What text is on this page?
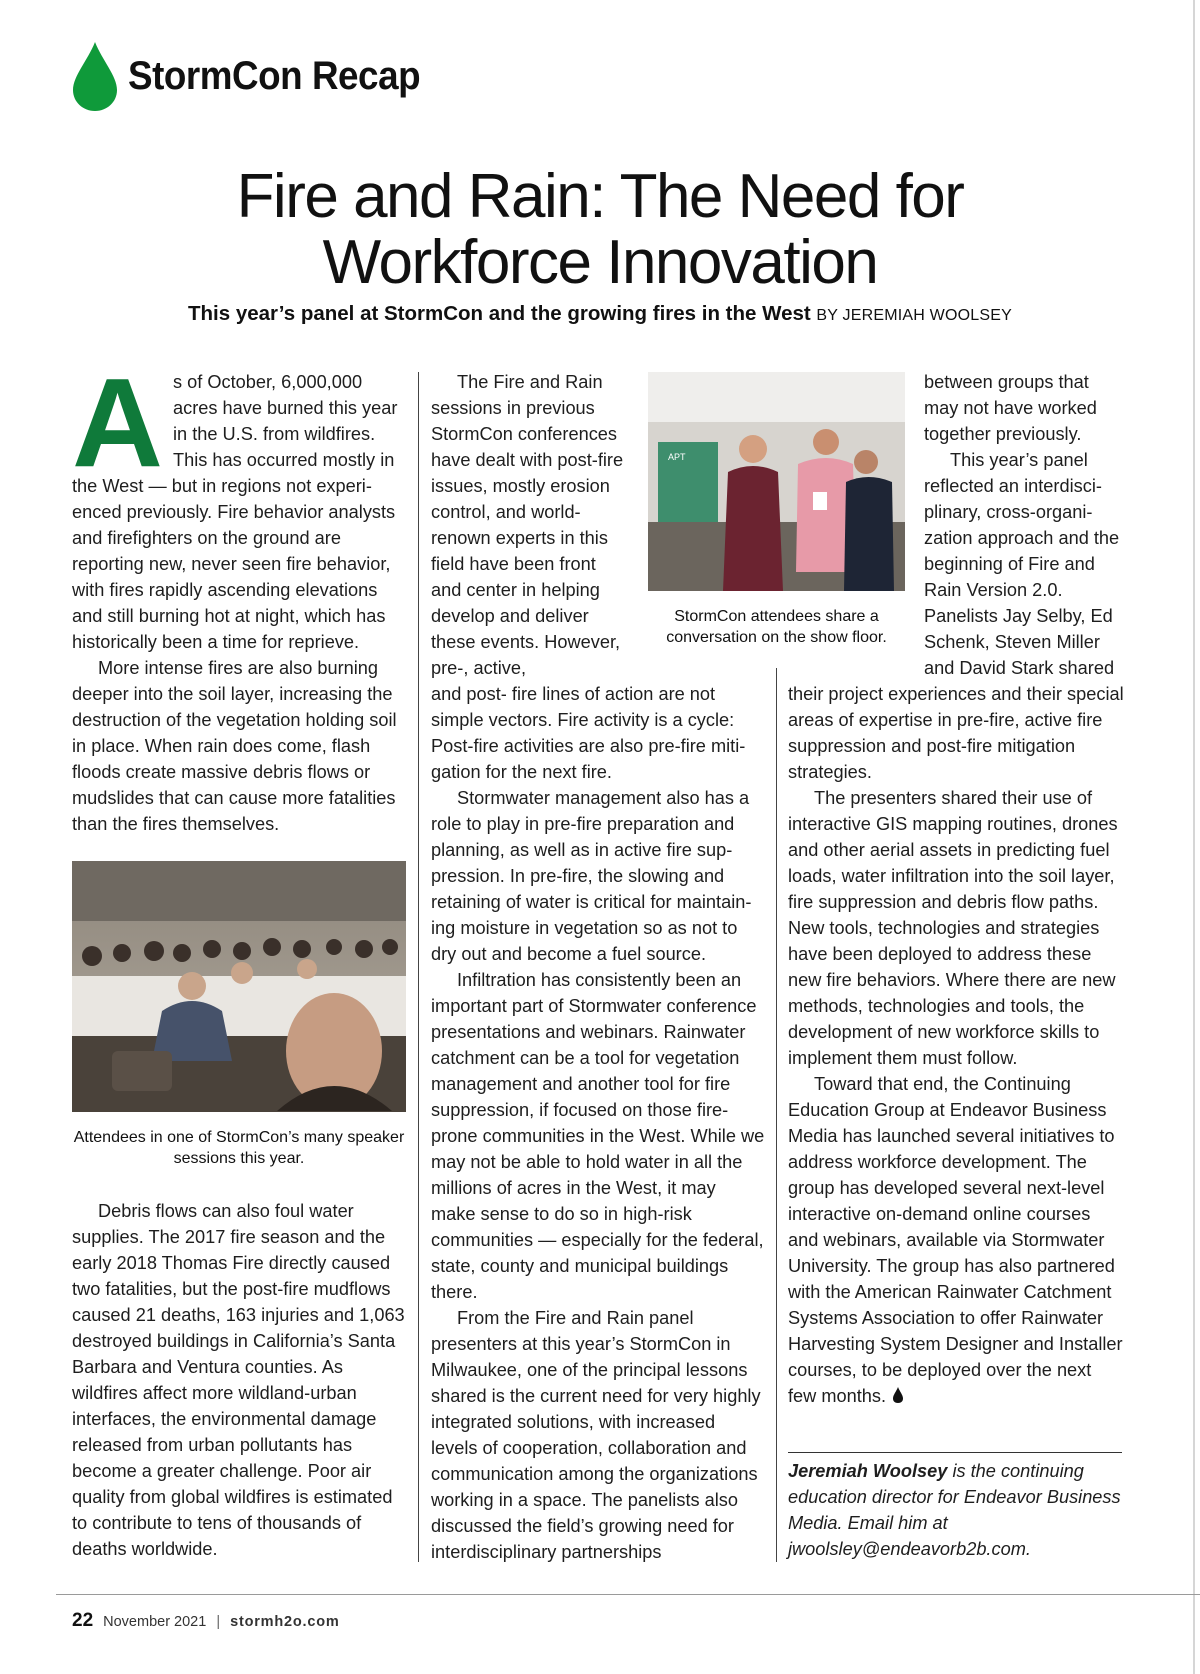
StormCon Recap
Fire and Rain: The Need for
Workforce Innovation
This year’s panel at StormCon and the growing fires in the West BY JEREMIAH WOOLSEY

As of October, 6,000,000 acres have burned this year in the U.S. from wildfires. This has occurred mostly in the West — but in regions not experienced previously. Fire behavior analysts and firefighters on the ground are reporting new, never seen fire behavior, with fires rapidly ascending elevations and still burning hot at night, which has historically been a time for reprieve.

More intense fires are also burning deeper into the soil layer, increasing the destruction of the vegetation holding soil in place. When rain does come, flash floods create massive debris flows or mudslides that can cause more fatalities than the fires themselves.

Attendees in one of StormCon’s many speaker sessions this year.

Debris flows can also foul water supplies. The 2017 fire season and the early 2018 Thomas Fire directly caused two fatalities, but the post-fire mudflows caused 21 deaths, 163 injuries and 1,063 destroyed buildings in California’s Santa Barbara and Ventura counties. As wildfires affect more wildland-urban interfaces, the environmental damage released from urban pollutants has become a greater challenge. Poor air quality from global wildfires is estimated to contribute to tens of thousands of deaths worldwide.

The Fire and Rain sessions in previous StormCon conferences have dealt with post-fire issues, mostly erosion control, and world-renown experts in this field have been front and center in helping develop and deliver these events. However, pre-, active,

APT
StormCon attendees share a conversation on the show floor.

and post- fire lines of action are not simple vectors. Fire activity is a cycle: Post-fire activities are also pre-fire mitigation for the next fire.

Stormwater management also has a role to play in pre-fire preparation and planning, as well as in active fire suppression. In pre-fire, the slowing and retaining of water is critical for maintaining moisture in vegetation so as not to dry out and become a fuel source.

Infiltration has consistently been an important part of Stormwater conference presentations and webinars. Rainwater catchment can be a tool for vegetation management and another tool for fire suppression, if focused on those fire-prone communities in the West. While we may not be able to hold water in all the millions of acres in the West, it may make sense to do so in high-risk communities — especially for the federal, state, county and municipal buildings there.

From the Fire and Rain panel presenters at this year’s StormCon in Milwaukee, one of the principal lessons shared is the current need for very highly integrated solutions, with increased levels of cooperation, collaboration and communication among the organizations working in a space. The panelists also discussed the field’s growing need for interdisciplinary partnerships

between groups that may not have worked together previously.

This year’s panel reflected an interdisciplinary, cross-organization approach and the beginning of Fire and Rain Version 2.0. Panelists Jay Selby, Ed Schenk, Steven Miller and David Stark shared

their project experiences and their special areas of expertise in pre-fire, active fire suppression and post-fire mitigation strategies.

The presenters shared their use of interactive GIS mapping routines, drones and other aerial assets in predicting fuel loads, water infiltration into the soil layer, fire suppression and debris flow paths. New tools, technologies and strategies have been deployed to address these new fire behaviors. Where there are new methods, technologies and tools, the development of new workforce skills to implement them must follow.

Toward that end, the Continuing Education Group at Endeavor Business Media has launched several initiatives to address workforce development. The group has developed several next-level interactive on-demand online courses and webinars, available via Stormwater University. The group has also partnered with the American Rainwater Catchment Systems Association to offer Rainwater Harvesting System Designer and Installer courses, to be deployed over the next few months.

Jeremiah Woolsey is the continuing education director for Endeavor Business Media. Email him at jwoolsley@endeavorb2b.com.
22 November 2021 | stormh2o.com
